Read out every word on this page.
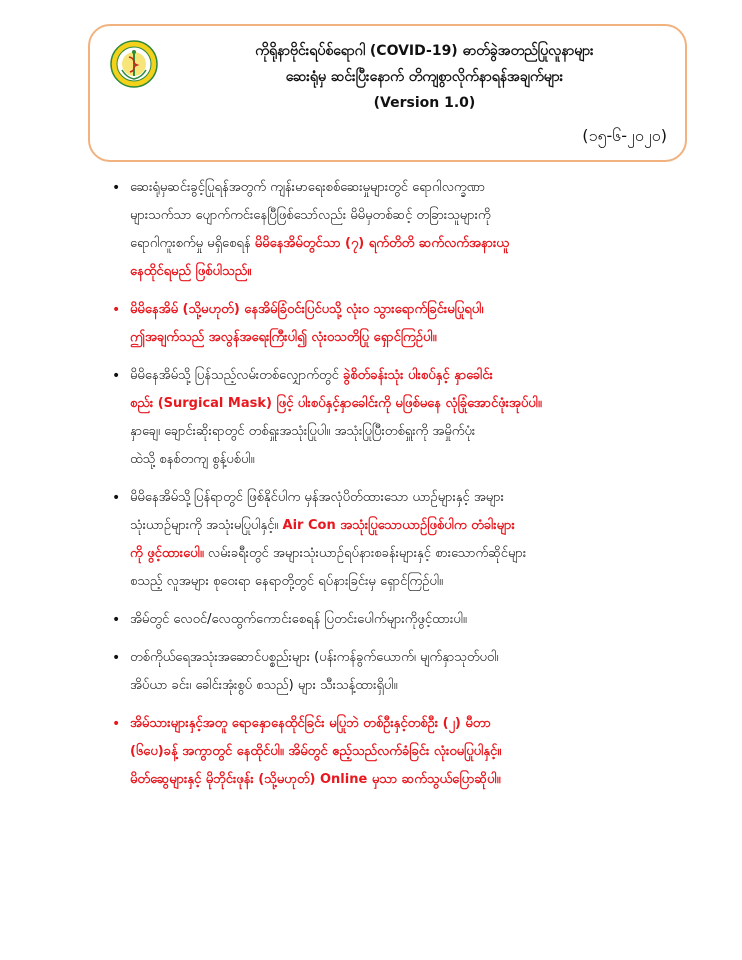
ကိုရိုနာဗိုင်းရပ်စ်ရောဂါ (COVID-19) ဓာတ်ခွဲအတည်ပြုလူနာများ
ဆေးရုံမှ ဆင်းပြီးနောက် တိကျစွာလိုက်နာရန်အချက်များ
(Version 1.0)
(၁၅-၆-၂၀၂၀)
• ဆေးရုံမှဆင်းခွင့်ပြုရန်အတွက် ကျန်းမာရေးစစ်ဆေးမှုများတွင် ရောဂါလက္ခဏာ
များသက်သာ ပျောက်ကင်းနေပြီဖြစ်သော်လည်း မိမိမှတစ်ဆင့် တခြားသူများကို
ရောဂါကူးစက်မှု မရှိစေရန် မိမိနေအိမ်တွင်သာ (၇) ရက်တိတိ ဆက်လက်အနားယူ
နေထိုင်ရမည် ဖြစ်ပါသည်။
• မိမိနေအိမ် (သို့မဟုတ်) နေအိမ်ခြံဝင်းပြင်ပသို့ လုံးဝ သွားရောက်ခြင်းမပြုရပါ၊
ဤအချက်သည် အလွန်အရေးကြီးပါ၍ လုံးဝသတိပြု ရှောင်ကြဉ်ပါ။
• မိမိနေအိမ်သို့ ပြန်သည့်လမ်းတစ်လျှောက်တွင် ခွဲစိတ်ခန်းသုံး ပါးစပ်နှင့် နှာခေါင်း
စည်း (Surgical Mask) ဖြင့် ပါးစပ်နှင့်နှာခေါင်းကို မဖြစ်မနေ လုံခြုံအောင်ဖုံးအုပ်ပါ။
နှာချေ၊ ချောင်းဆိုးရာတွင် တစ်ရှူးအသုံးပြုပါ။ အသုံးပြုပြီးတစ်ရှူးကို အမှိုက်ပုံး
ထဲသို့ စနစ်တကျ စွန့်ပစ်ပါ။
• မိမိနေအိမ်သို့ပြန်ရာတွင် ဖြစ်နိုင်ပါက မှန်အလုံပိတ်ထားသော ယာဉ်များနှင့် အများ
သုံးယာဉ်များကို အသုံးမပြုပါနှင့်။ Air Con အသုံးပြုသောယာဉ်ဖြစ်ပါက တံခါးများ
ကို ဖွင့်ထားပေါ။ လမ်းခရီးတွင် အများသုံးယာဉ်ရပ်နားစခန်းများနှင့် စားသောက်ဆိုင်များ
စသည့် လူအများ စုဝေးရာ နေရာတို့တွင် ရပ်နားခြင်းမှ ရှောင်ကြဉ်ပါ။
• အိမ်တွင် လေဝင်/လေထွက်ကောင်းစေရန် ပြတင်းပေါက်များကိုဖွင့်ထားပါ။
• တစ်ကိုယ်ရေအသုံးအဆောင်ပစ္စည်းများ (ပန်းကန်ခွက်ယောက်၊ မျက်နှာသုတ်ပဝါ၊
အိပ်ယာ ခင်း၊ ခေါင်းအုံးစွပ် စသည်) များ သီးသန့်ထားရှိပါ။
• အိမ်သားများနှင့်အတူ ရောနှောနေထိုင်ခြင်း မပြုဘဲ တစ်ဦးနှင့်တစ်ဦး (၂) မီတာ
(၆ပေ)ခန့် အကွာတွင် နေထိုင်ပါ။ အိမ်တွင် ဧည့်သည်လက်ခံခြင်း လုံးဝမပြုပါနှင့်။
မိတ်ဆွေများနှင့် မိုဘိုင်းဖုန်း (သို့မဟုတ်) Online မှသာ ဆက်သွယ်ပြောဆိုပါ။
